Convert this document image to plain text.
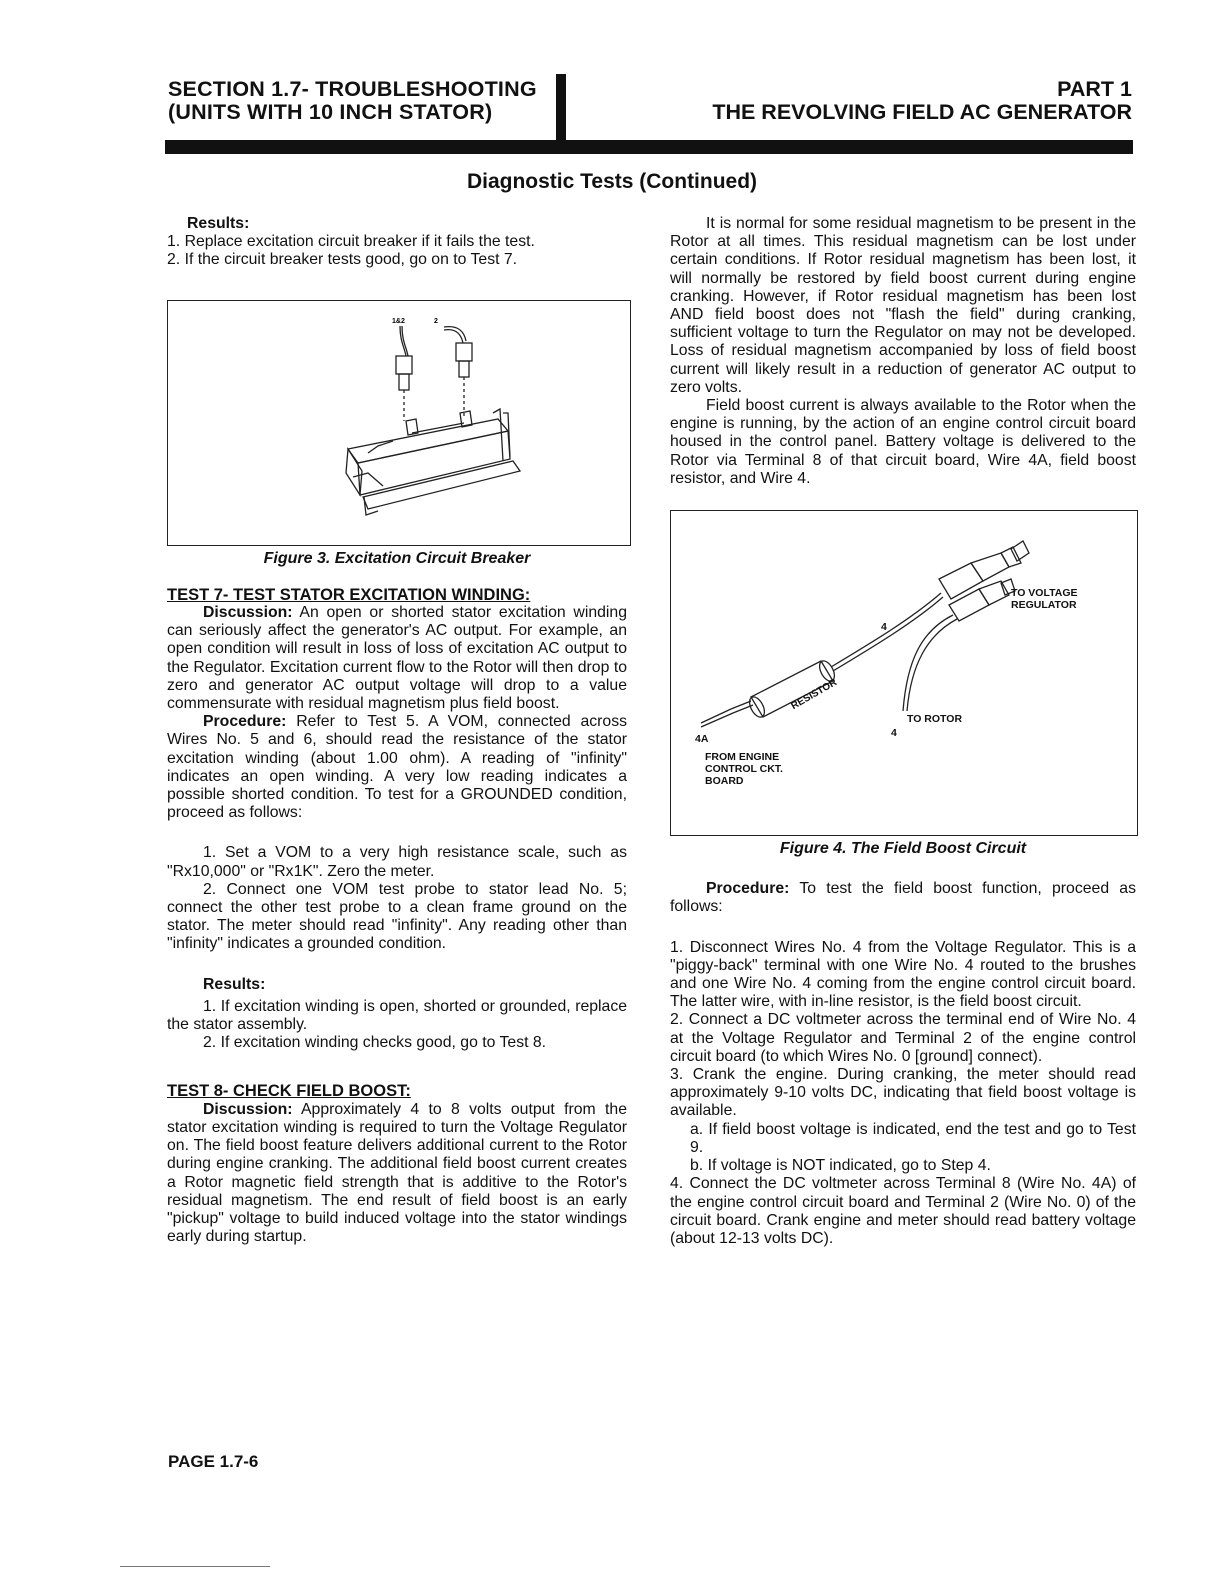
SECTION 1.7- TROUBLESHOOTING
(UNITS WITH 10 INCH STATOR)
PART 1
THE REVOLVING FIELD AC GENERATOR
Diagnostic Tests (Continued)

Results:

1. Replace excitation circuit breaker if it fails the test.

2. If the circuit breaker tests good, go on to Test 7.

1&2	2
Figure 3. Excitation Circuit Breaker

TEST 7- TEST STATOR EXCITATION WINDING:

Discussion: An open or shorted stator excitation winding can seriously affect the generator's AC output. For example, an open condition will result in loss of loss of excitation AC output to the Regulator. Excitation current flow to the Rotor will then drop to zero and generator AC output voltage will drop to a value commensurate with residual magnetism plus field boost.

Procedure: Refer to Test 5. A VOM, connected across Wires No. 5 and 6, should read the resistance of the stator excitation winding (about 1.00 ohm). A reading of "infinity" indicates an open winding. A very low reading indicates a possible shorted condition. To test for a GROUNDED condition, proceed as follows:

1. Set a VOM to a very high resistance scale, such as "Rx10,000" or "Rx1K". Zero the meter.

2. Connect one VOM test probe to stator lead No. 5; connect the other test probe to a clean frame ground on the stator. The meter should read "infinity". Any reading other than "infinity" indicates a grounded condition.

Results:

1. If excitation winding is open, shorted or grounded, replace the stator assembly.

2. If excitation winding checks good, go to Test 8.

TEST 8- CHECK FIELD BOOST:

Discussion: Approximately 4 to 8 volts output from the stator excitation winding is required to turn the Voltage Regulator on. The field boost feature delivers additional current to the Rotor during engine cranking. The additional field boost current creates a Rotor magnetic field strength that is additive to the Rotor's residual magnetism. The end result of field boost is an early "pickup" voltage to build induced voltage into the stator windings early during startup.

It is normal for some residual magnetism to be present in the Rotor at all times. This residual magnetism can be lost under certain conditions. If Rotor residual magnetism has been lost, it will normally be restored by field boost current during engine cranking. However, if Rotor residual magnetism has been lost AND field boost does not "flash the field" during cranking, sufficient voltage to turn the Regulator on may not be developed. Loss of residual magnetism accompanied by loss of field boost current will likely result in a reduction of generator AC output to zero volts.

Field boost current is always available to the Rotor when the engine is running, by the action of an engine control circuit board housed in the control panel. Battery voltage is delivered to the Rotor via Terminal 8 of that circuit board, Wire 4A, field boost resistor, and Wire 4.

TO VOLTAGE REGULATOR
TO ROTOR
RESISTOR
4
4
4A
FROM ENGINE CONTROL CKT. BOARD
Figure 4. The Field Boost Circuit

Procedure: To test the field boost function, proceed as follows:

1. Disconnect Wires No. 4 from the Voltage Regulator. This is a "piggy-back" terminal with one Wire No. 4 routed to the brushes and one Wire No. 4 coming from the engine control circuit board. The latter wire, with in-line resistor, is the field boost circuit.

2. Connect a DC voltmeter across the terminal end of Wire No. 4 at the Voltage Regulator and Terminal 2 of the engine control circuit board (to which Wires No. 0 [ground] connect).

3. Crank the engine. During cranking, the meter should read approximately 9-10 volts DC, indicating that field boost voltage is available.

a. If field boost voltage is indicated, end the test and go to Test 9.

b. If voltage is NOT indicated, go to Step 4.

4. Connect the DC voltmeter across Terminal 8 (Wire No. 4A) of the engine control circuit board and Terminal 2 (Wire No. 0) of the circuit board. Crank engine and meter should read battery voltage (about 12-13 volts DC).

PAGE 1.7-6
